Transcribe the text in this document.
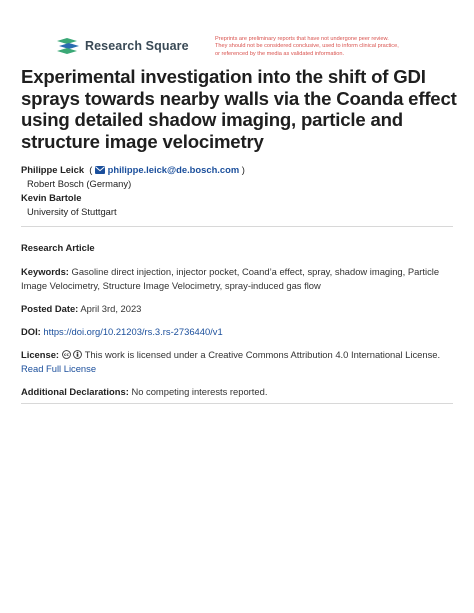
Research Square	Preprints are preliminary reports that have not undergone peer review.
They should not be considered conclusive, used to inform clinical practice,
or referenced by the media as validated information.
Experimental investigation into the shift of GDI
sprays towards nearby walls via the Coanda effect
using detailed shadow imaging, particle and
structure image velocimetry
Philippe Leick  ( philippe.leick@de.bosch.com )
Robert Bosch (Germany)
Kevin Bartole
University of Stuttgart
Research Article
Keywords: Gasoline direct injection, injector pocket, Coand’a effect, spray, shadow imaging, Particle
Image Velocimetry, Structure Image Velocimetry, spray-induced gas flow
Posted Date: April 3rd, 2023
DOI: https://doi.org/10.21203/rs.3.rs-2736440/v1
License: cc This work is licensed under a Creative Commons Attribution 4.0 International License.
Read Full License
Additional Declarations: No competing interests reported.
